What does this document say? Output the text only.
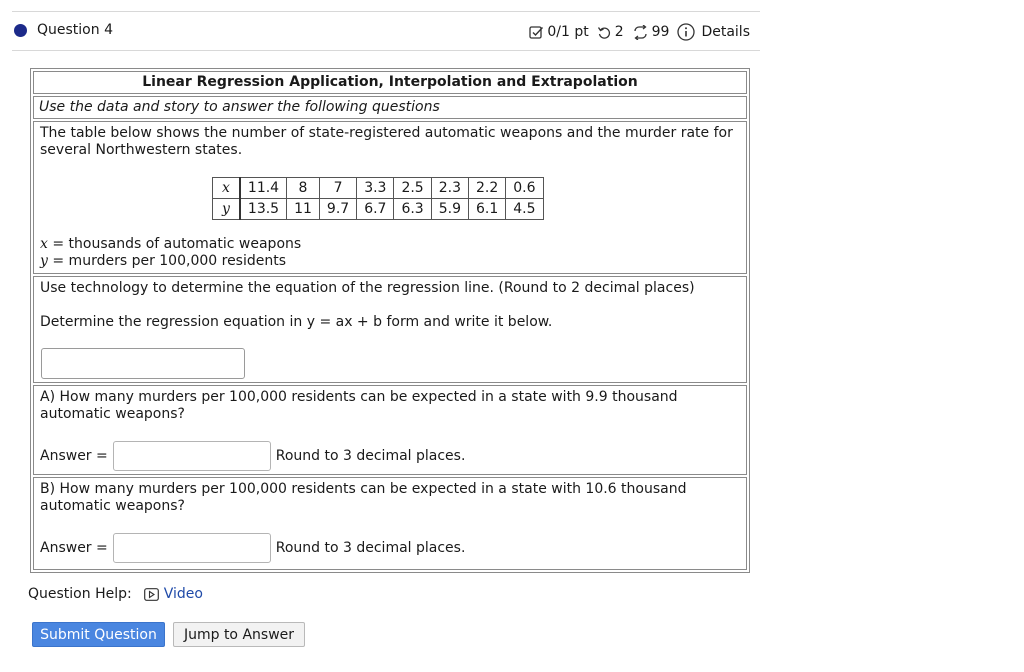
Question 4	0/1 pt 2 99 Details
Linear Regression Application, Interpolation and Extrapolation
Use the data and story to answer the following questions
The table below shows the number of state-registered automatic weapons and the murder rate for several Northwestern states.
x	11.4	8	7	3.3	2.5	2.3	2.2	0.6
y	13.5	11	9.7	6.7	6.3	5.9	6.1	4.5
x = thousands of automatic weapons
y = murders per 100,000 residents
Use technology to determine the equation of the regression line. (Round to 2 decimal places)
Determine the regression equation in y = ax + b form and write it below.
A) How many murders per 100,000 residents can be expected in a state with 9.9 thousand automatic weapons?
Answer =	Round to 3 decimal places.
B) How many murders per 100,000 residents can be expected in a state with 10.6 thousand automatic weapons?
Answer =	Round to 3 decimal places.
Question Help: Video
Submit Question	Jump to Answer
